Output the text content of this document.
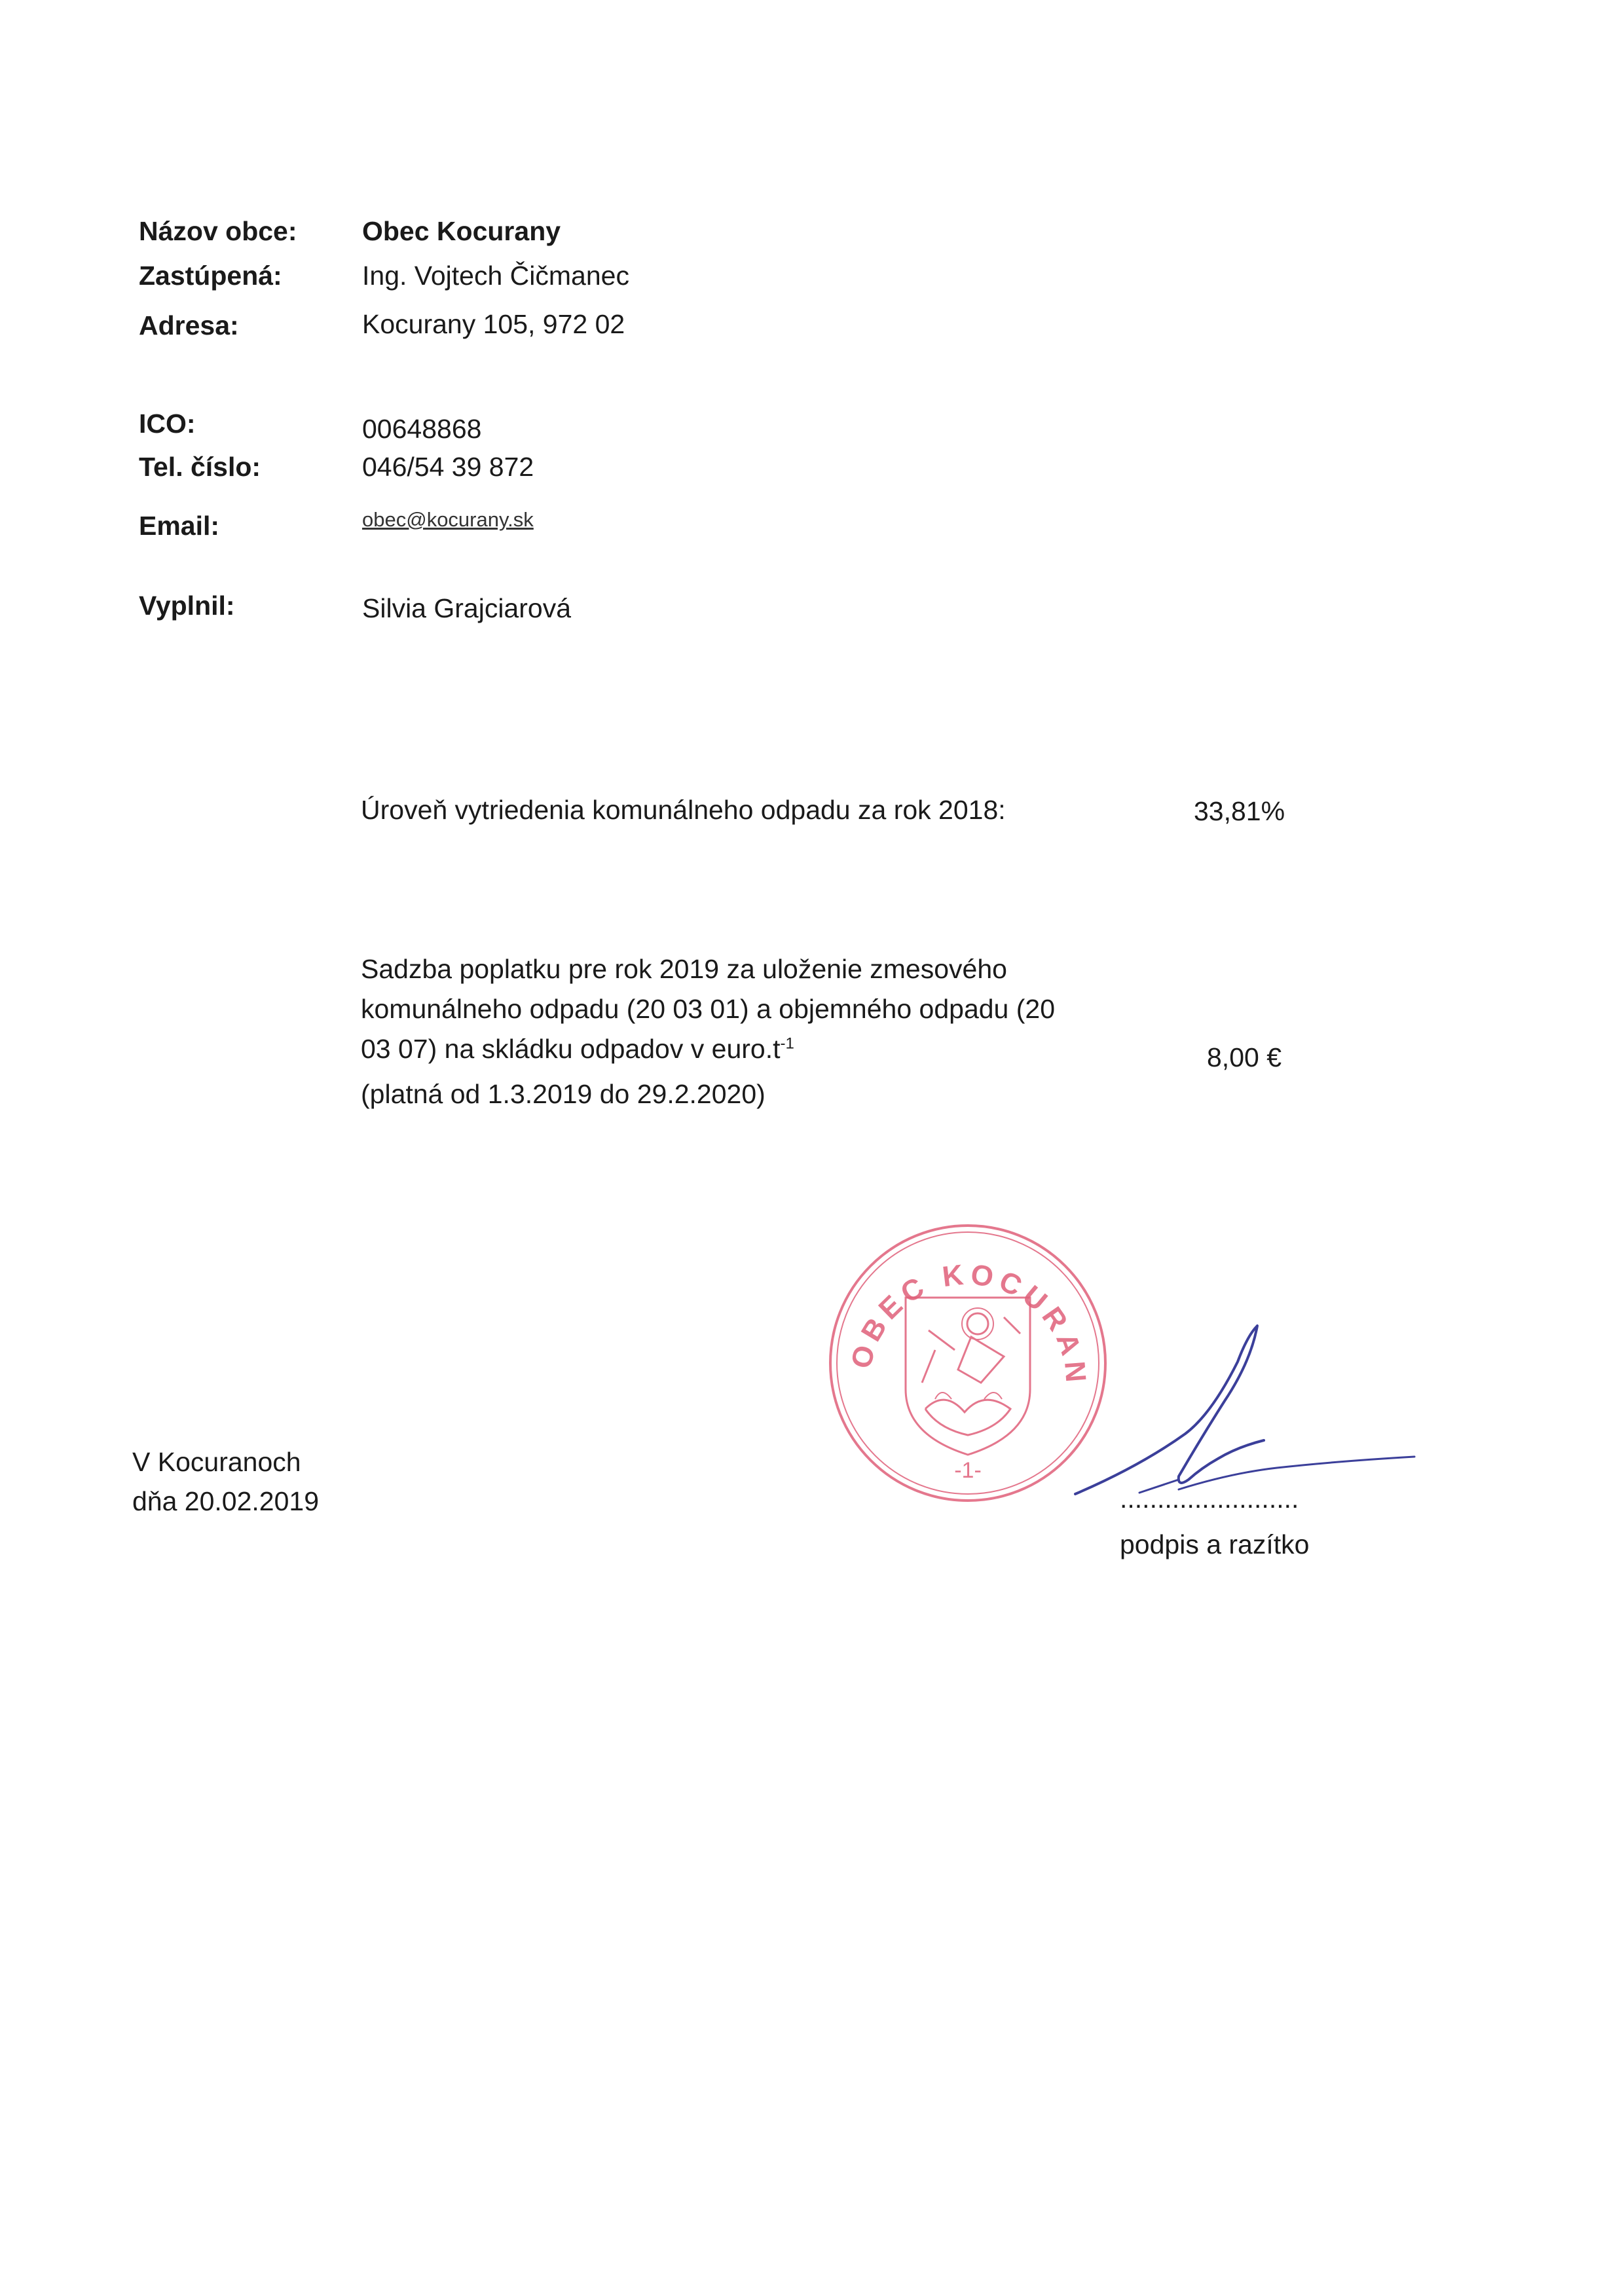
Názov obce: Obec Kocurany
Zastúpená:	Ing. Vojtech Čičmanec
Adresa:	Kocurany 105, 972 02
ICO:	00648868
Tel. číslo:	046/54 39 872
Email:	obec@kocurany.sk
Vyplnil:	Silvia Grajciarová
Úroveň vytriedenia komunálneho odpadu za rok 2018:	33,81%
Sadzba poplatku pre rok 2019 za uloženie zmesového
komunálneho odpadu (20 03 01) a objemného odpadu (20
03 07) na skládku odpadov v $euro.t^{-1}$
(platná od 1.3.2019 do 29.2.2020)
8,00 €
OBEC KOCURAN
-1-
V Kocuranoch
dňa 20.02.2019	........................
podpis a razítko
